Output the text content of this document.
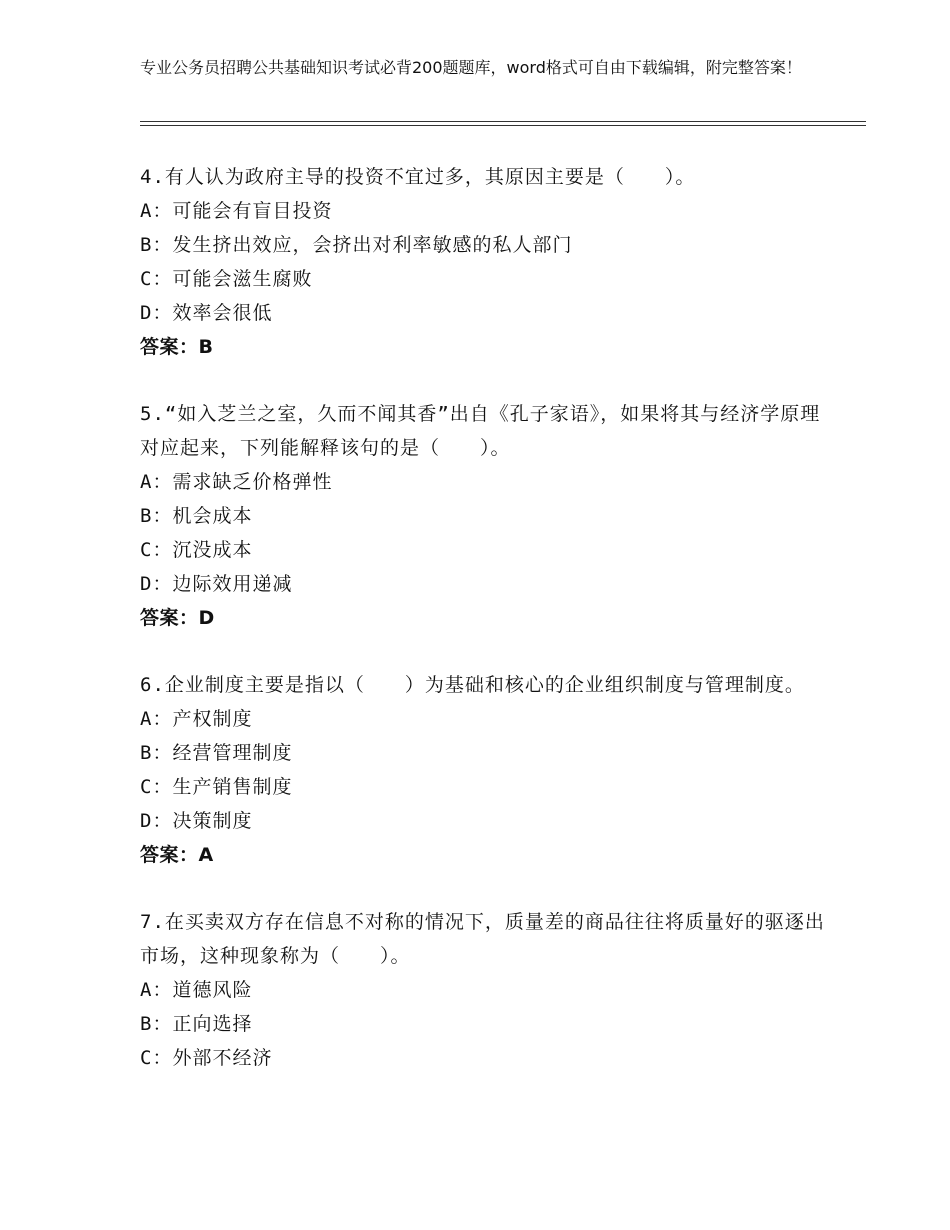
专业公务员招聘公共基础知识考试必背200题题库，word格式可自由下载编辑，附完整答案！
4.有人认为政府主导的投资不宜过多，其原因主要是（　　）。
A：可能会有盲目投资
B：发生挤出效应，会挤出对利率敏感的私人部门
C：可能会滋生腐败
D：效率会很低
答案：B
5.“如入芝兰之室，久而不闻其香”出自《孔子家语》，如果将其与经济学原理对应起来，下列能解释该句的是（　　）。
A：需求缺乏价格弹性
B：机会成本
C：沉没成本
D：边际效用递减
答案：D
6.企业制度主要是指以（　　）为基础和核心的企业组织制度与管理制度。
A：产权制度
B：经营管理制度
C：生产销售制度
D：决策制度
答案：A
7.在买卖双方存在信息不对称的情况下，质量差的商品往往将质量好的驱逐出市场，这种现象称为（　　）。
A：道德风险
B：正向选择
C：外部不经济
